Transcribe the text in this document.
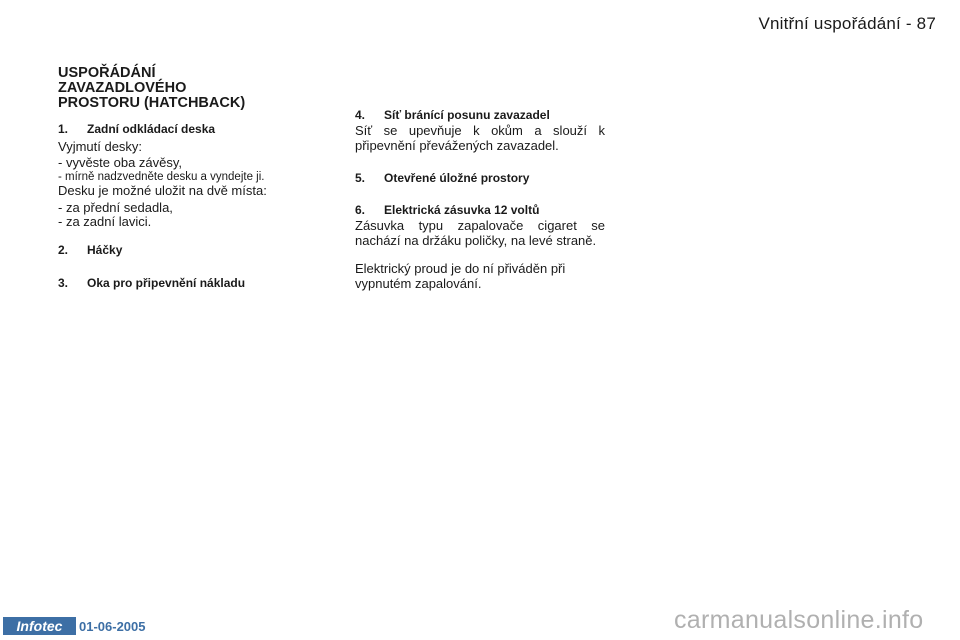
Vnitřní uspořádání - 87
USPOŘÁDÁNÍ
ZAVAZADLOVÉHO
PROSTORU (HATCHBACK)
1. Zadní odkládací deska
Vyjmutí desky:
- vyvěste oba závěsy,
- mírně nadzvedněte desku a vyndejte ji.
Desku je možné uložit na dvě místa:
- za přední sedadla,
- za zadní lavici.
2. Háčky
3. Oka pro připevnění nákladu
4. Síť bránící posunu zavazadel
Síť se upevňuje k okům a slouží k připevnění převážených zavazadel.
5. Otevřené úložné prostory
6. Elektrická zásuvka 12 voltů
Zásuvka typu zapalovače cigaret se nachází na držáku poličky, na levé straně.
Elektrický proud je do ní přiváděn při vypnutém zapalování.
Infotec	01-06-2005	carmanualsonline.info
